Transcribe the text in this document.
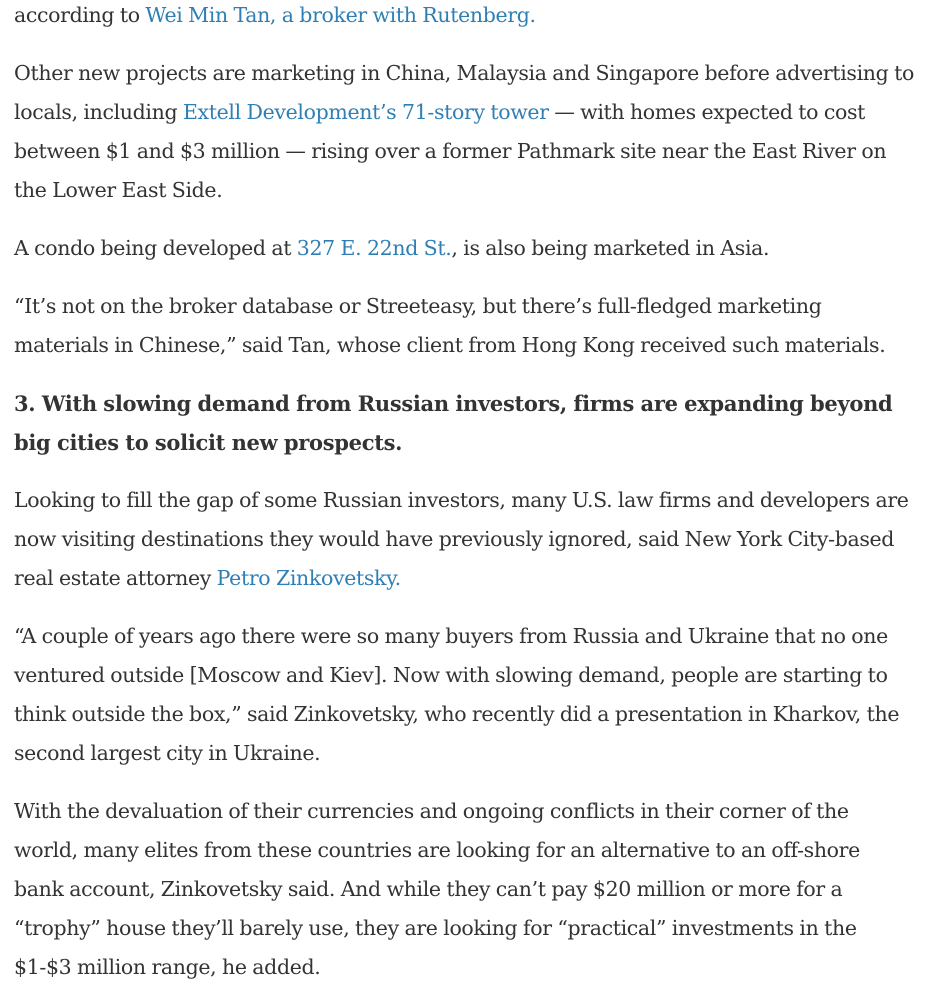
according to Wei Min Tan, a broker with Rutenberg.

Other new projects are marketing in China, Malaysia and Singapore before advertising to locals, including Extell Development’s 71-story tower — with homes expected to cost between $1 and $3 million — rising over a former Pathmark site near the East River on the Lower East Side.

A condo being developed at 327 E. 22nd St., is also being marketed in Asia.

“It’s not on the broker database or Streeteasy, but there’s full-fledged marketing materials in Chinese,” said Tan, whose client from Hong Kong received such materials.

3. With slowing demand from Russian investors, firms are expanding beyond big cities to solicit new prospects.

Looking to fill the gap of some Russian investors, many U.S. law firms and developers are now visiting destinations they would have previously ignored, said New York City-based real estate attorney Petro Zinkovetsky.

“A couple of years ago there were so many buyers from Russia and Ukraine that no one ventured outside [Moscow and Kiev]. Now with slowing demand, people are starting to think outside the box,” said Zinkovetsky, who recently did a presentation in Kharkov, the second largest city in Ukraine.

With the devaluation of their currencies and ongoing conflicts in their corner of the world, many elites from these countries are looking for an alternative to an off-shore bank account, Zinkovetsky said. And while they can’t pay $20 million or more for a “trophy” house they’ll barely use, they are looking for “practical” investments in the $1-$3 million range, he added.
